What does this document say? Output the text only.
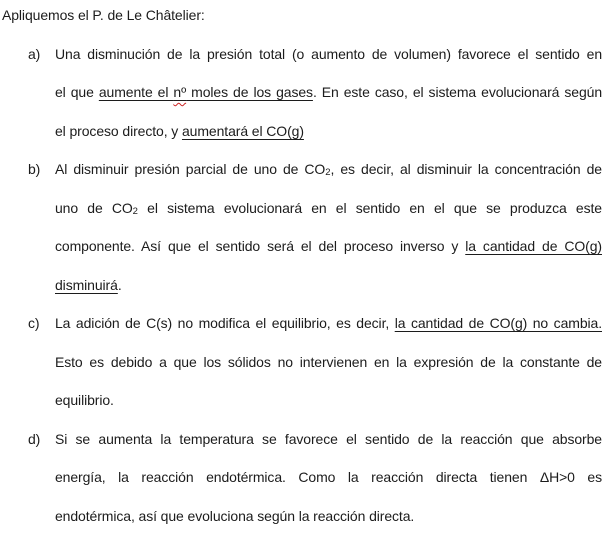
Apliquemos el P. de Le Châtelier:
a) Una disminución de la presión total (o aumento de volumen) favorece el sentido en
el que aumente el nº moles de los gases. En este caso, el sistema evolucionará según
el proceso directo, y aumentará el CO(g)
b) Al disminuir presión parcial de uno de CO2, es decir, al disminuir la concentración de
uno de CO2 el sistema evolucionará en el sentido en el que se produzca este
componente. Así que el sentido será el del proceso inverso y la cantidad de CO(g)
disminuirá.
c) La adición de C(s) no modifica el equilibrio, es decir, la cantidad de CO(g) no cambia.
Esto es debido a que los sólidos no intervienen en la expresión de la constante de
equilibrio.
d) Si se aumenta la temperatura se favorece el sentido de la reacción que absorbe
energía, la reacción endotérmica. Como la reacción directa tienen ΔH>0 es
endotérmica, así que evoluciona según la reacción directa.
